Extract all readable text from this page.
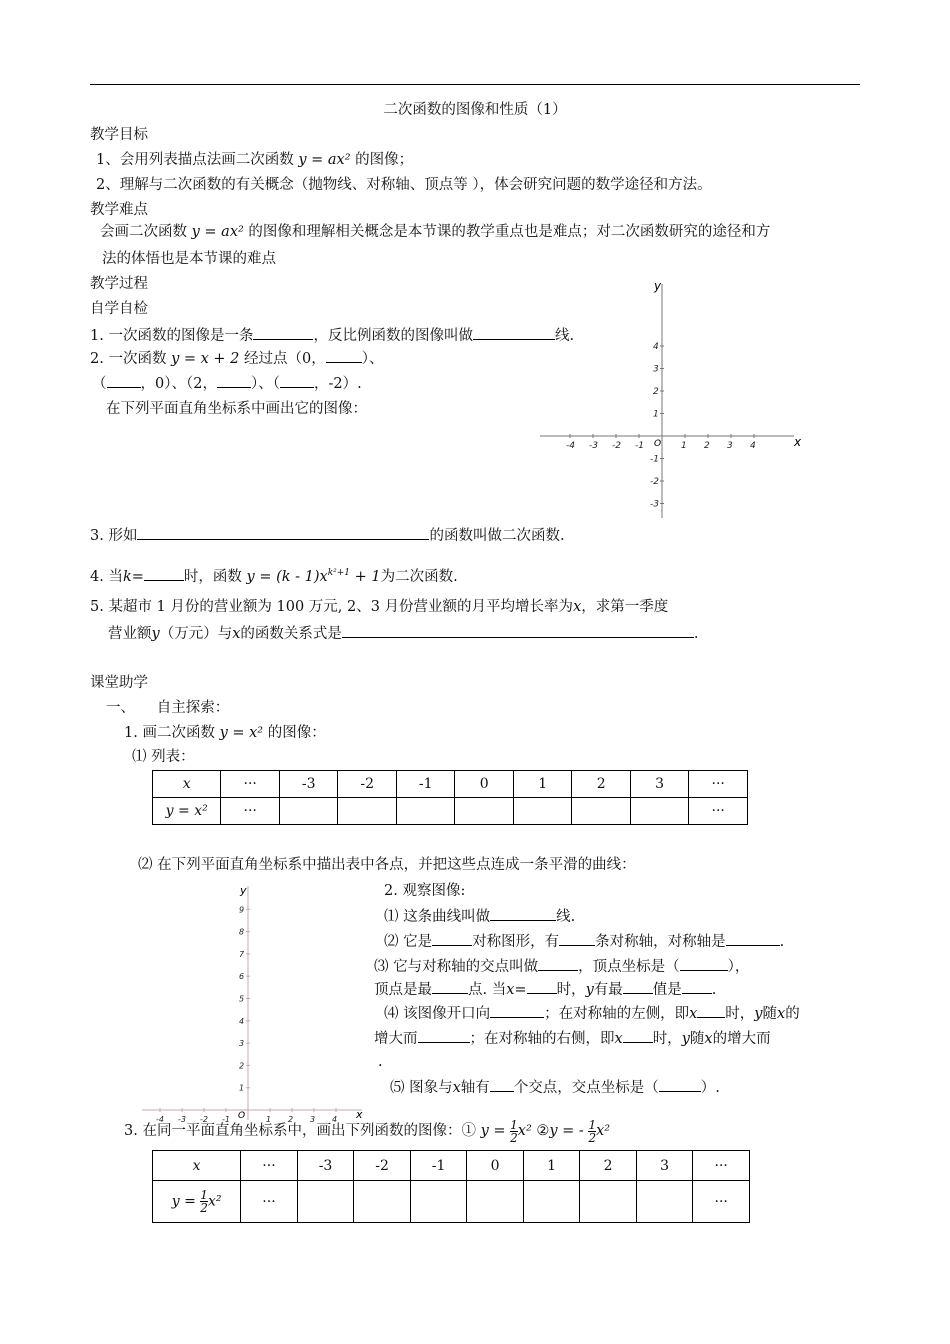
二次函数的图像和性质（1）
教学目标
1、会用列表描点法画二次函数 y = ax² 的图像；
2、理解与二次函数的有关概念（抛物线、对称轴、顶点等 ），体会研究问题的数学途径和方法。
教学难点
会画二次函数 y = ax² 的图像和理解相关概念是本节课的教学重点也是难点；对二次函数研究的途径和方
法的体悟也是本节课的难点
教学过程
自学自检
1. 一次函数的图像是一条	，反比例函数的图像叫做	线.
2. 一次函数 y = x + 2 经过点（0， ）、
（ ，0）、（2， ）、（ ，-2）.
在下列平面直角坐标系中画出它的图像：
x
y
O
-4 -3 -2 -1	1 2 3 4
4
3
2
1
-1
-2
-3
3. 形如	的函数叫做二次函数.
4. 当k=	时，函数 $y = (k - 1)x^{k^2+1} + 1$为二次函数.
5. 某超市 1 月份的营业额为 100 万元, 2、3 月份营业额的月平均增长率为x，求第一季度
营业额y（万元）与x的函数关系式是	.
课堂助学
一、　　自主探索：
1. 画二次函数 y = x² 的图像：
⑴ 列表：
x	···	-3	-2	-1	0	1	2	3	···
y = x²	···								···
⑵ 在下列平面直角坐标系中描出表中各点，并把这些点连成一条平滑的曲线：
y
x
O
-4 -3 -2 -1	1 2 3 4
9
8
7
6
5
4
3
2
1
2. 观察图像:
⑴ 这条曲线叫做	线.
⑵ 它是	对称图形，有 条对称轴，对称轴是	.
⑶ 它与对称轴的交点叫做	，顶点坐标是（	），
顶点是最 点. 当x= 时，y有最 值是 .
⑷ 该图像开口向	；在对称轴的左侧，即x 时，y随x的
增大而	；在对称轴的右侧，即x 时，y随x的增大而
.
⑸ 图象与x轴有 个交点，交点坐标是（	）.
3. 在同一平面直角坐标系中，画出下列函数的图像：① $y = \frac{1}{2} x^2$ ②y = - $\frac{1}{2} x^2$
x	···	-3	-2	-1	0	1	2	3	···
$y = \frac{1}{2} x^2$	···								···
